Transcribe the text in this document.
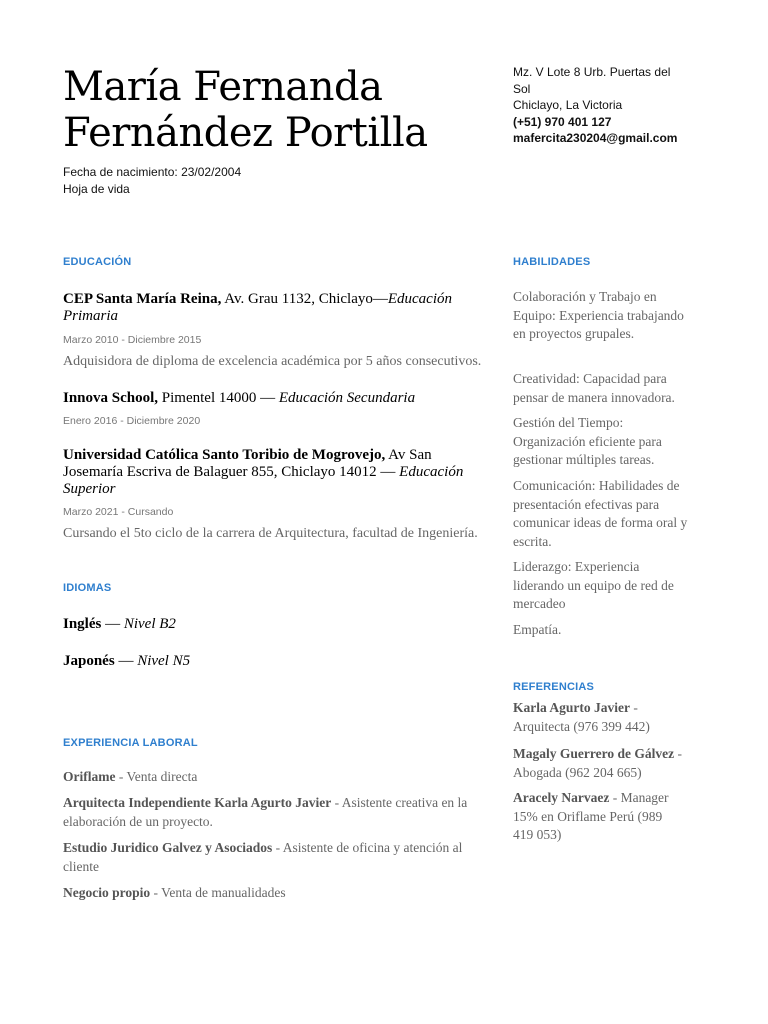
María Fernanda
Fernández Portilla
Fecha de nacimiento: 23/02/2004
Hoja de vida
Mz. V Lote 8 Urb. Puertas del
Sol
Chiclayo, La Victoria
(+51) 970 401 127
mafercita230204@gmail.com
EDUCACIÓN
CEP Santa María Reina, Av. Grau 1132, Chiclayo—Educación Primaria
Marzo 2010 - Diciembre 2015
Adquisidora de diploma de excelencia académica por 5 años consecutivos.
Innova School, Pimentel 14000 — Educación Secundaria
Enero 2016 - Diciembre 2020
Universidad Católica Santo Toribio de Mogrovejo, Av San Josemaría Escriva de Balaguer 855, Chiclayo 14012 — Educación Superior
Marzo 2021 - Cursando
Cursando el 5to ciclo de la carrera de Arquitectura, facultad de Ingeniería.
IDIOMAS
Inglés — Nivel B2
Japonés — Nivel N5
EXPERIENCIA LABORAL
Oriflame - Venta directa
Arquitecta Independiente Karla Agurto Javier - Asistente creativa en la elaboración de un proyecto.
Estudio Juridico Galvez y Asociados - Asistente de oficina y atención al cliente
Negocio propio - Venta de manualidades
HABILIDADES
Colaboración y Trabajo en Equipo: Experiencia trabajando en proyectos grupales.
Creatividad: Capacidad para pensar de manera innovadora.
Gestión del Tiempo: Organización eficiente para gestionar múltiples tareas.
Comunicación: Habilidades de presentación efectivas para comunicar ideas de forma oral y escrita.
Liderazgo: Experiencia liderando un equipo de red de mercadeo
Empatía.
REFERENCIAS
Karla Agurto Javier - Arquitecta (976 399 442)
Magaly Guerrero de Gálvez - Abogada (962 204 665)
Aracely Narvaez - Manager 15% en Oriflame Perú (989 419 053)
